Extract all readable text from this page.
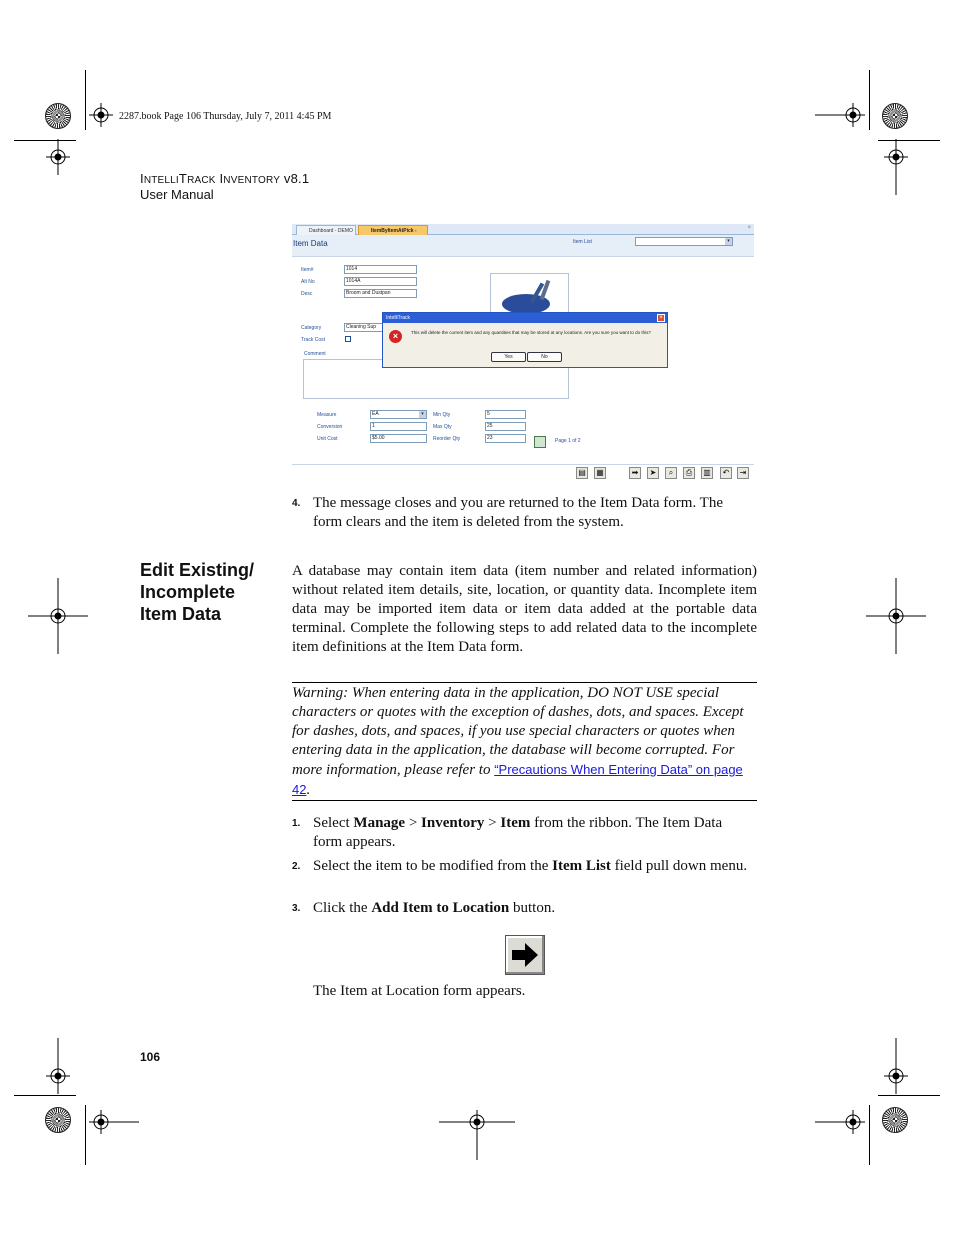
2287.book Page 106 Thursday, July 7, 2011 4:45 PM
INTELLITRACK INVENTORY v8.1
User Manual
Dashboard - DEMO	ItemByItemAtPick -	×
Item Data	Item List	▾
Item#	1014
Alt No	1014A
Desc	Broom and Dustpan
Category	Cleaning Sup
Track Cost
Comment
Measure	EA	▾
Conversion	1
Unit Cost	$5.00
Min Qty	5
Max Qty	25
Reorder Qty	23	Page 1 of 2
IntelliTrack	×
×	This will delete the current item and any quantities that may be stored at any locations. Are you sure you want to do this?
Yes	No
▤ ▦	➡	➤	⌕	⎙	▥	↶	⇥
4. The message closes and you are returned to the Item Data form. The form clears and the item is deleted from the system.
Edit Existing/
Incomplete
Item Data
A database may contain item data (item number and related information) without related item details, site, location, or quantity data. Incomplete item data may be imported item data or item data added at the portable data terminal. Complete the following steps to add related data to the incomplete item definitions at the Item Data form.
Warning: When entering data in the application, DO NOT USE special characters or quotes with the exception of dashes, dots, and spaces. Except for dashes, dots, and spaces, if you use special characters or quotes when entering data in the application, the database will become corrupted. For more information, please refer to “Precautions When Entering Data” on page 42.
1. Select Manage > Inventory > Item from the ribbon. The Item Data form appears.
2. Select the item to be modified from the Item List field pull down menu.
3. Click the Add Item to Location button.
The Item at Location form appears.
106
